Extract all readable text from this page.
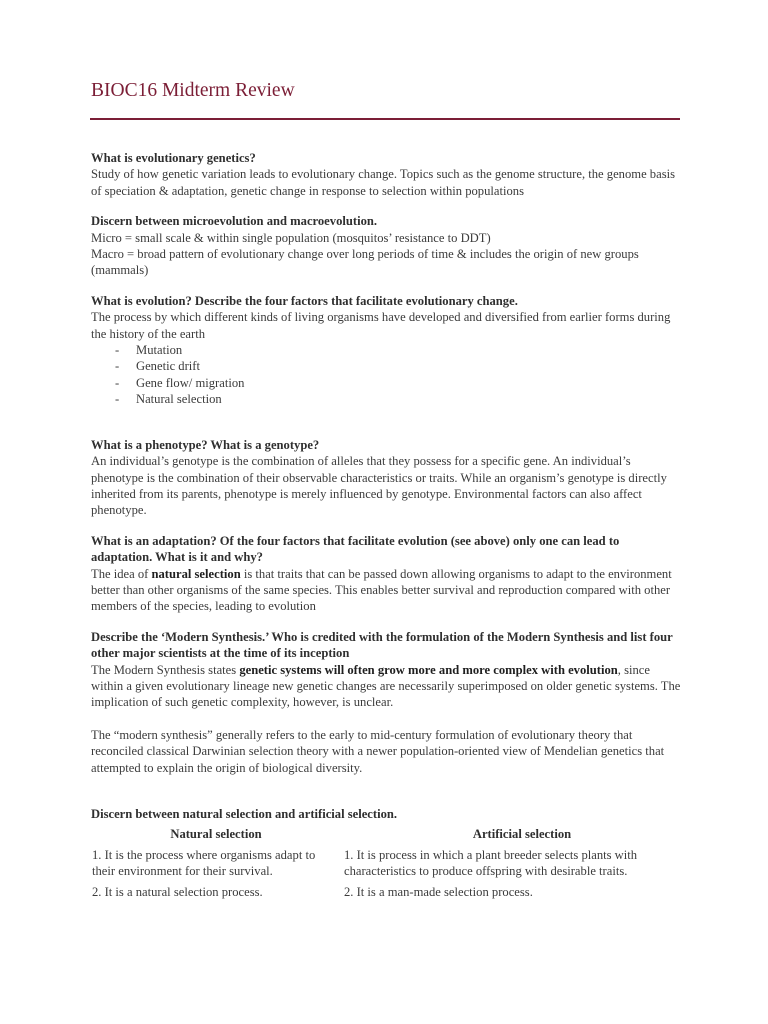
BIOC16 Midterm Review

What is evolutionary genetics?

Study of how genetic variation leads to evolutionary change. Topics such as the genome structure, the genome basis of speciation & adaptation, genetic change in response to selection within populations

Discern between microevolution and macroevolution.

Micro = small scale & within single population (mosquitos’ resistance to DDT)

Macro = broad pattern of evolutionary change over long periods of time & includes the origin of new groups (mammals)

What is evolution? Describe the four factors that facilitate evolutionary change.

The process by which different kinds of living organisms have developed and diversified from earlier forms during the history of the earth

-	Mutation
-	Genetic drift
-	Gene flow/ migration
-	Natural selection

What is a phenotype? What is a genotype?

An individual’s genotype is the combination of alleles that they possess for a specific gene. An individual’s phenotype is the combination of their observable characteristics or traits. While an organism’s genotype is directly inherited from its parents, phenotype is merely influenced by genotype. Environmental factors can also affect phenotype.

What is an adaptation? Of the four factors that facilitate evolution (see above) only one can lead to adaptation. What is it and why?

The idea of natural selection is that traits that can be passed down allowing organisms to adapt to the environment better than other organisms of the same species. This enables better survival and reproduction compared with other members of the species, leading to evolution

Describe the ‘Modern Synthesis.’ Who is credited with the formulation of the Modern Synthesis and list four other major scientists at the time of its inception

The Modern Synthesis states genetic systems will often grow more and more complex with evolution, since within a given evolutionary lineage new genetic changes are necessarily superimposed on older genetic systems. The implication of such genetic complexity, however, is unclear.

The “modern synthesis” generally refers to the early to mid-century formulation of evolutionary theory that reconciled classical Darwinian selection theory with a newer population-oriented view of Mendelian genetics that attempted to explain the origin of biological diversity.

Discern between natural selection and artificial selection.

Natural selection	Artificial selection
1. It is the process where organisms adapt to their environment for their survival.	1. It is process in which a plant breeder selects plants with characteristics to produce offspring with desirable traits.
2. It is a natural selection process.	2. It is a man-made selection process.
